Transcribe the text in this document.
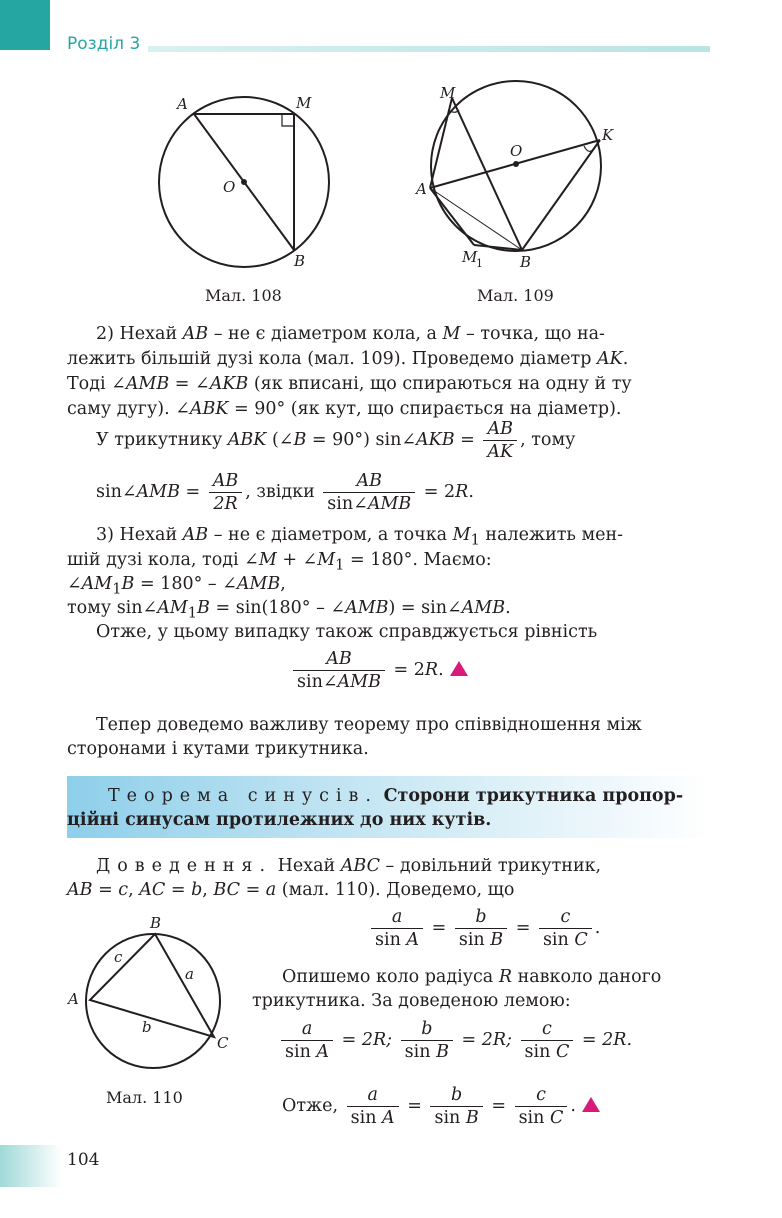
Розділ 3
A	M
O
B
Мал. 108
M
K
O
A
M
1 B
Мал. 109
2) Нехай AB – не є діаметром кола, а M – точка, що на-
лежить більшій дузі кола (мал. 109). Проведемо діаметр AK.
Тоді ∠AMB = ∠AKB (як вписані, що спираються на одну й ту
саму дугу). ∠ABK = 90° (як кут, що спирається на діаметр).
У трикутнику ABK (∠B = 90°) sin∠AKB = $\frac{AB}{AK}$ , тому
sin∠AMB = $\frac{AB}{2R}$ , звідки $\frac{AB}{\text{sin∠AMB}} = 2R$.
3) Нехай AB – не є діаметром, а точка $M_1$ належить мен-
шій дузі кола, тоді ∠M + $\angle M_1 = 180^\circ$. Маємо:
$\angle AM_1B = 180^\circ$ – ∠AMB,
тому $\sin\angle AM_1B = \sin(180^\circ$ – ∠AMB) = sin∠AMB.
Отже, у цьому випадку також справджується рівність
$\frac{AB}{\text{sin∠AMB}} = 2R$.
Тепер доведемо важливу теорему про співвідношення між
сторонами і кутами трикутника.
Теорема синусів. Сторони трикутника пропор-
ційні синусам протилежних до них кутів.
Доведення. Нехай ABC – довільний трикутник,
AB = c, AC = b, BC = a (мал. 110). Доведемо, що
$\frac{a}{\text{sin A}} = \frac{b}{\text{sin B}} = \frac{c}{\text{sin C}}$ .
B
c
a
A
b
C
Мал. 110
Опишемо коло радіуса R навколо даного
трикутника. За доведеною лемою:
$\frac{a}{\text{sin A}} = 2R$; $\frac{b}{\text{sin B}} = 2R$; $\frac{c}{\text{sin C}} = 2R$.
Отже, $\frac{a}{\text{sin A}} = \frac{b}{\text{sin B}} = \frac{c}{\text{sin C}}$ .
104
